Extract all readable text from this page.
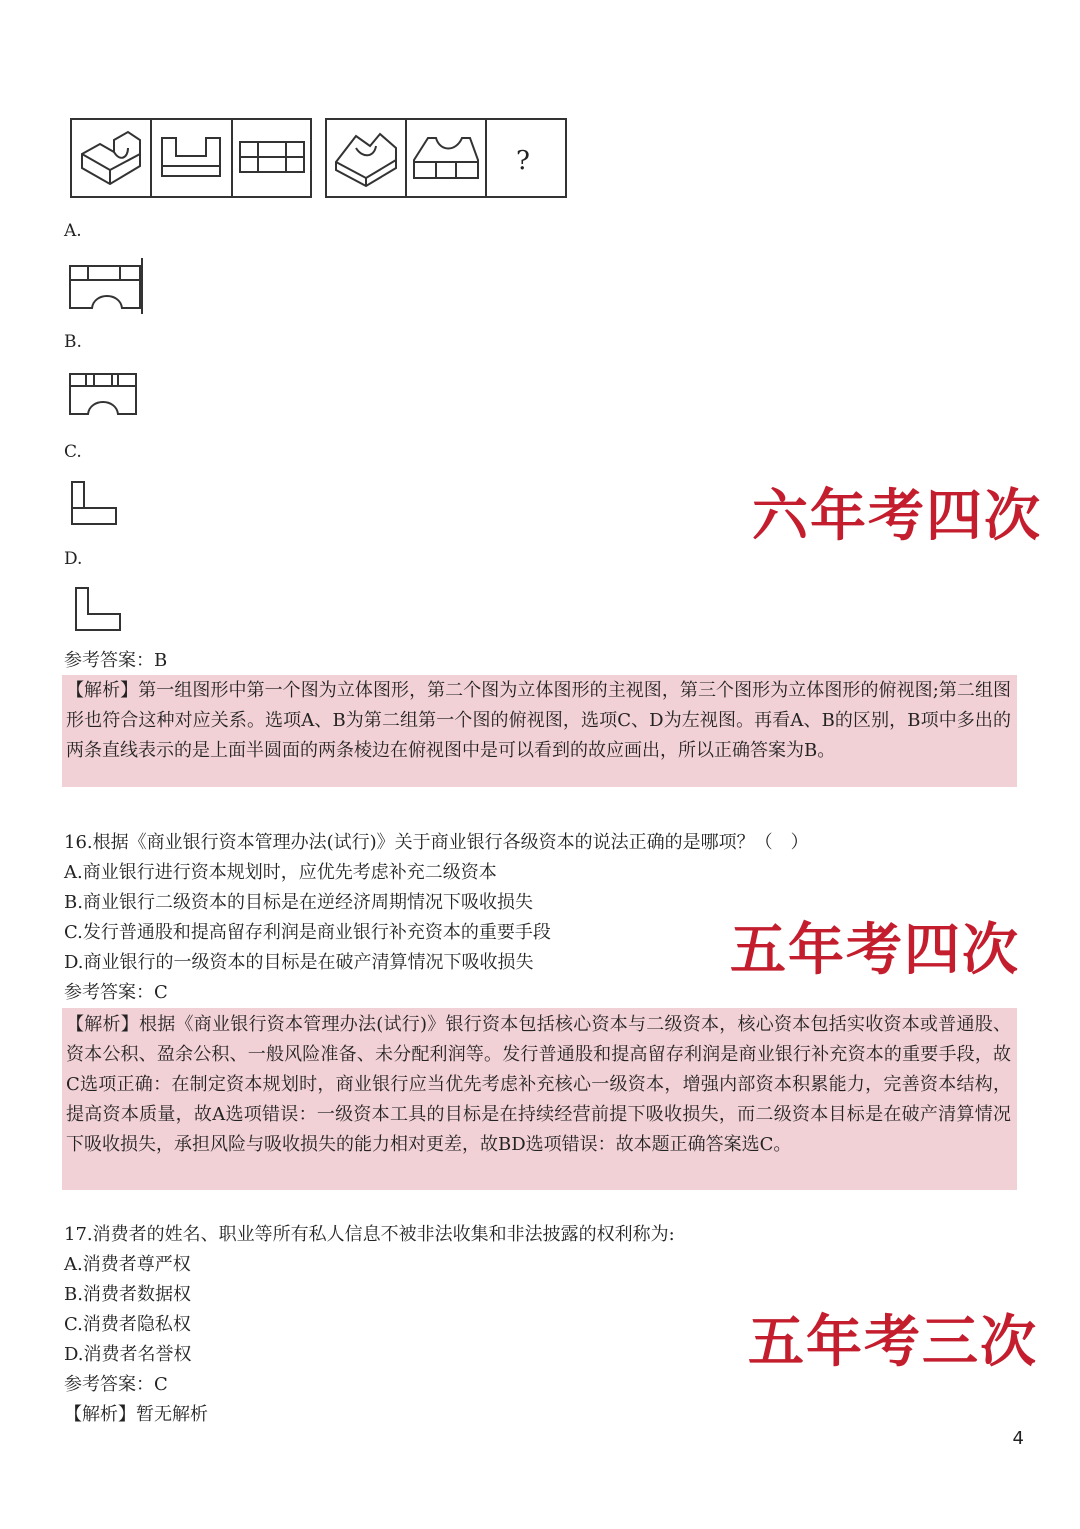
?
A.
B.
C.
D.
参考答案：B

【解析】第一组图形中第一个图为立体图形，第二个图为立体图形的主视图，第三个图形为立体图形的俯视图;第二组图形也符合这种对应关系。选项A、B为第二组第一个图的俯视图，选项C、D为左视图。再看A、B的区别，B项中多出的两条直线表示的是上面半圆面的两条棱边在俯视图中是可以看到的故应画出，所以正确答案为B。

16.根据《商业银行资本管理办法(试行)》关于商业银行各级资本的说法正确的是哪项？（　）
A.商业银行进行资本规划时，应优先考虑补充二级资本
B.商业银行二级资本的目标是在逆经济周期情况下吸收损失
C.发行普通股和提高留存利润是商业银行补充资本的重要手段
D.商业银行的一级资本的目标是在破产清算情况下吸收损失
参考答案：C

【解析】根据《商业银行资本管理办法(试行)》银行资本包括核心资本与二级资本，核心资本包括实收资本或普通股、资本公积、盈余公积、一般风险准备、未分配利润等。发行普通股和提高留存利润是商业银行补充资本的重要手段，故C选项正确：在制定资本规划时，商业银行应当优先考虑补充核心一级资本，增强内部资本积累能力，完善资本结构，提高资本质量，故A选项错误：一级资本工具的目标是在持续经营前提下吸收损失，而二级资本目标是在破产清算情况下吸收损失，承担风险与吸收损失的能力相对更差，故BD选项错误：故本题正确答案选C。

17.消费者的姓名、职业等所有私人信息不被非法收集和非法披露的权利称为:
A.消费者尊严权
B.消费者数据权
C.消费者隐私权
D.消费者名誉权
参考答案：C
【解析】暂无解析
六年考四次
五年考四次
五年考三次
4
